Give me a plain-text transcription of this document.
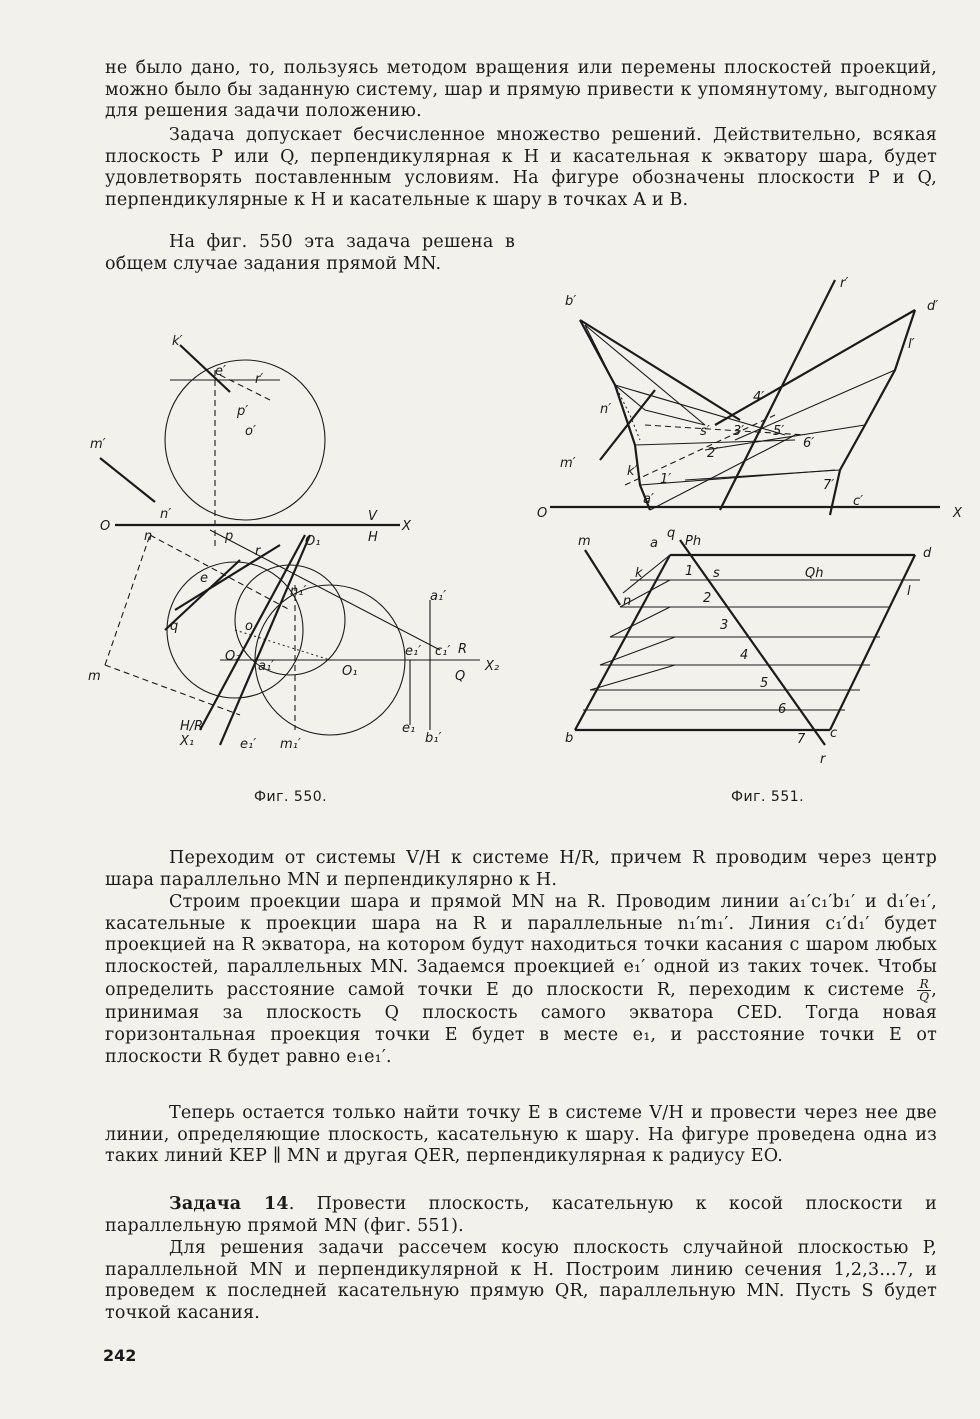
не было дано, то, пользуясь методом вращения или перемены плоскостей проекций, можно было бы заданную систему, шар и прямую привести к упомянутому, выгодному для решения задачи положению.

Задача допускает бесчисленное множество решений. Действительно, всякая плоскость P или Q, перпендикулярная к H и касательная к экватору шара, будет удовлетворять поставленным условиям. На фигуре обозначены плоскости P и Q, перпендикулярные к H и касательные к шару в точках A и B.

На фиг. 550 эта задача решена в общем случае задания прямой MN.

k′
e′
r′
p′
o′
m′
n′
O	X
V
H
n	p	O₁
r
e
q	o
m
n₁′	a₁′
O₂
a₁′	O₁
e₁′ c₁′ R
X₂
Q
e₁
H/R
X₁	e₁′ m₁′	b₁′
Фиг. 550.
b′
r′
d′
l′
n′
m′
k′
a′	c′
4′
5′
3′
6′
7′
1′
2′
s′
O	X
m	a
q
Ph
d
k	1 s	Qh
n	2	l
3
4
5
6
7
b	c
r
Фиг. 551.

Переходим от системы V/H к системе H/R, причем R проводим через центр шара параллельно MN и перпендикулярно к H.

Строим проекции шара и прямой MN на R. Проводим линии a₁′c₁′b₁′ и d₁′e₁′, касательные к проекции шара на R и параллельные n₁′m₁′. Линия c₁′d₁′ будет проекцией на R экватора, на котором будут находиться точки касания с шаром любых плоскостей, параллельных MN. Задаемся проекцией e₁′ одной из таких точек. Чтобы определить расстояние самой точки E до плоскости R, переходим к системе $\frac{R}{Q}$ , принимая за плоскость Q плоскость самого экватора CED. Тогда новая горизонтальная проекция точки E будет в месте e₁, и расстояние точки E от плоскости R будет равно e₁e₁′.

Теперь остается только найти точку E в системе V/H и провести через нее две линии, определяющие плоскость, касательную к шару. На фигуре проведена одна из таких линий KEP ∥ MN и другая QER, перпендикулярная к радиусу EO.

Задача 14. Провести плоскость, касательную к косой плоскости и параллельную прямой MN (фиг. 551).

Для решения задачи рассечем косую плоскость случайной плоскостью P, параллельной MN и перпендикулярной к H. Построим линию сечения 1,2,3...7, и проведем к последней касательную прямую QR, параллельную MN. Пусть S будет точкой касания.

242
